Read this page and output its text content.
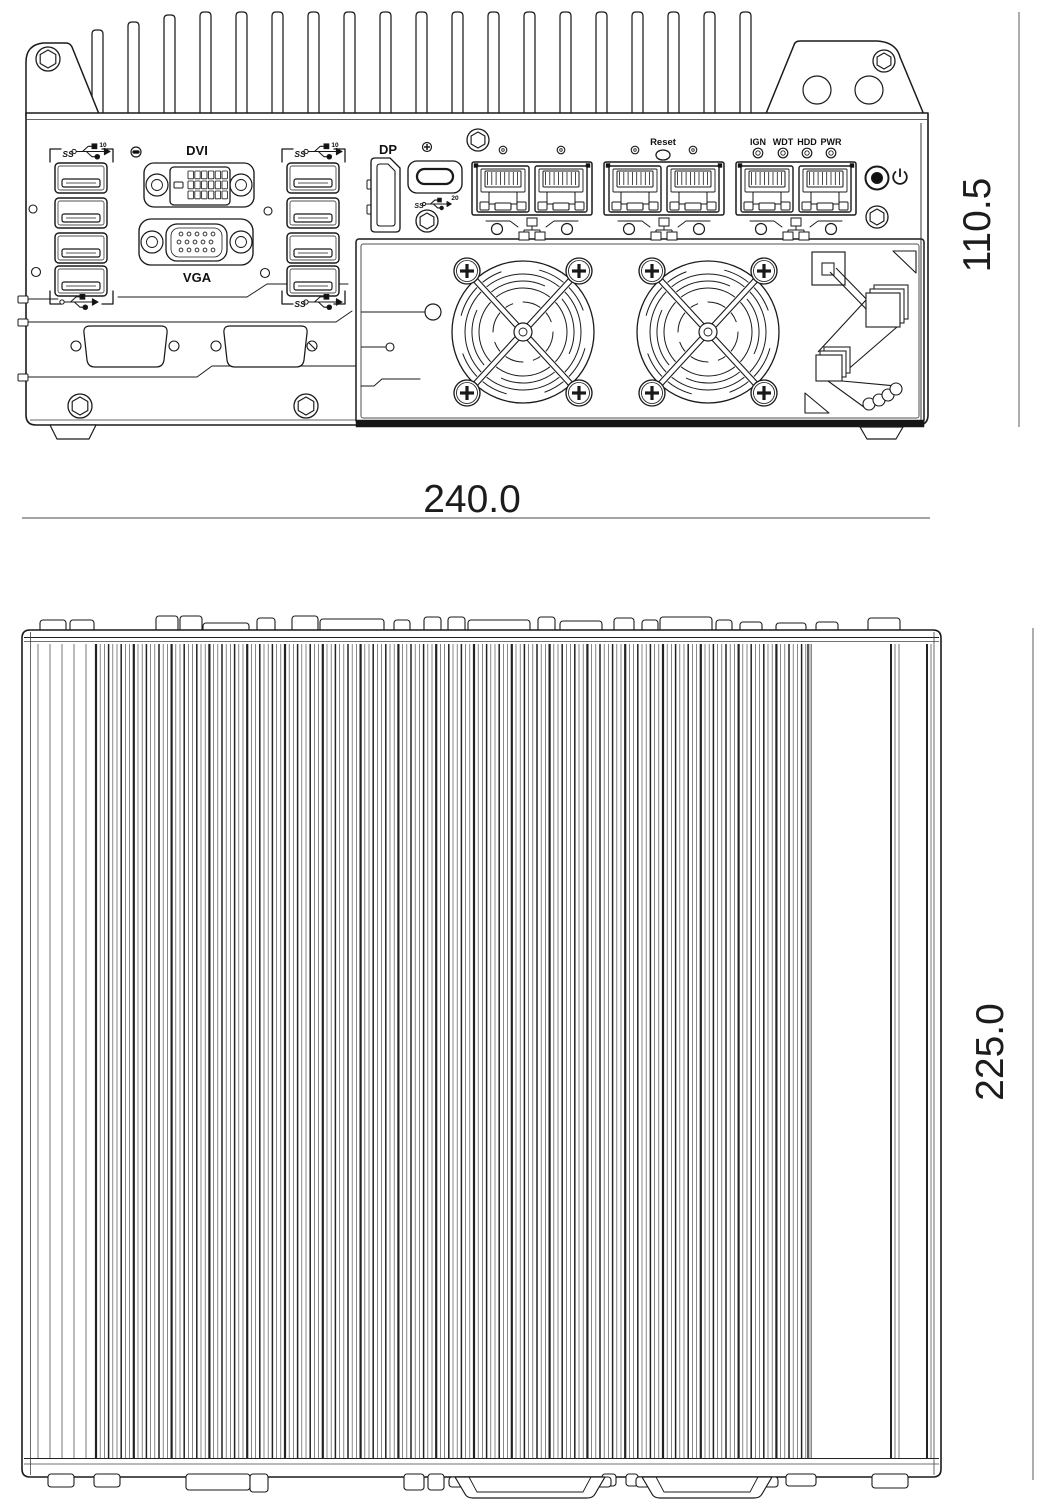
DVI	DP
VGA
Reset	IGN WDT HDD PWR
SS
10
SS
10
SS
SS
20
240.0
110.5
225.0
